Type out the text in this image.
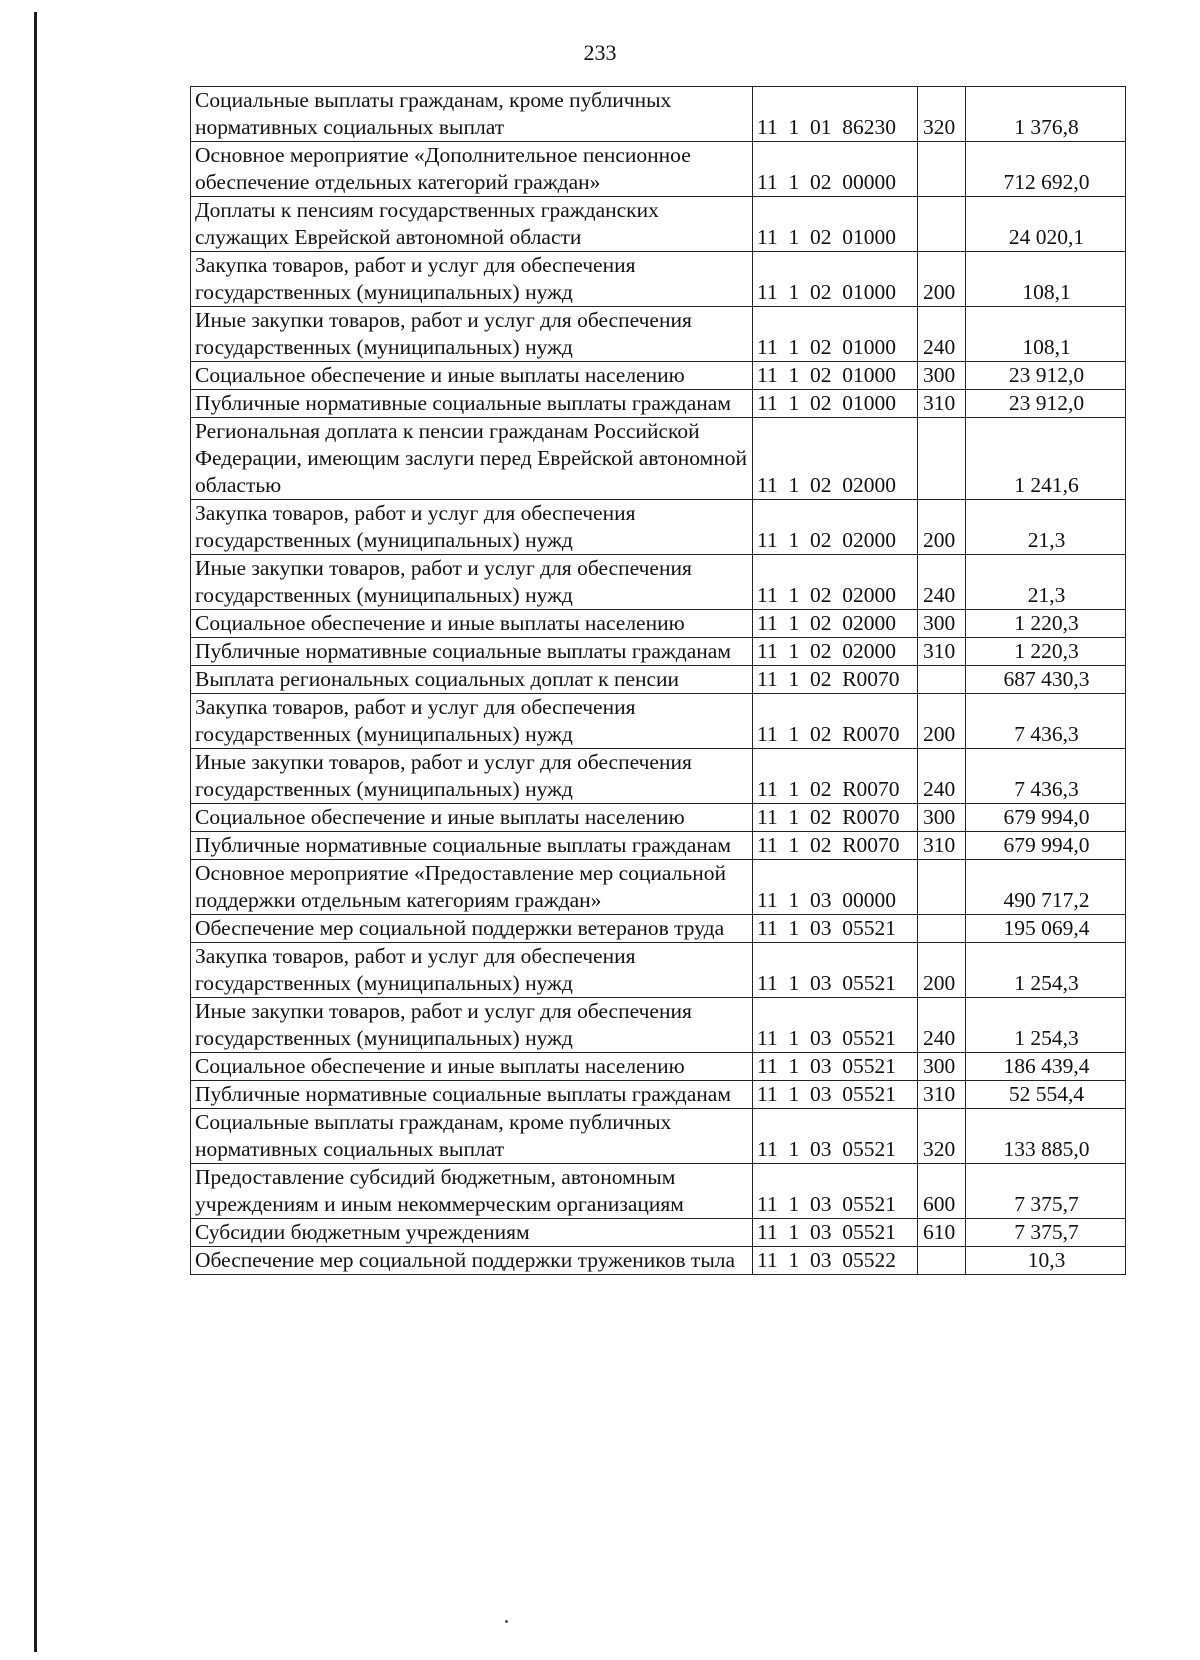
233
Социальные выплаты гражданам, кроме публичных нормативных социальных выплат	11  1  01  86230	320	1 376,8
Основное мероприятие «Дополнительное пенсионное обеспечение отдельных категорий граждан»	11  1  02  00000		712 692,0
Доплаты к пенсиям государственных гражданских служащих Еврейской автономной области	11  1  02  01000		24 020,1
Закупка товаров, работ и услуг для обеспечения государственных (муниципальных) нужд	11  1  02  01000	200	108,1
Иные закупки товаров, работ и услуг для обеспечения государственных (муниципальных) нужд	11  1  02  01000	240	108,1
Социальное обеспечение и иные выплаты населению	11  1  02  01000	300	23 912,0
Публичные нормативные социальные выплаты гражданам	11  1  02  01000	310	23 912,0
Региональная доплата к пенсии гражданам Российской Федерации, имеющим заслуги перед Еврейской автономной областью	11  1  02  02000		1 241,6
Закупка товаров, работ и услуг для обеспечения государственных (муниципальных) нужд	11  1  02  02000	200	21,3
Иные закупки товаров, работ и услуг для обеспечения государственных (муниципальных) нужд	11  1  02  02000	240	21,3
Социальное обеспечение и иные выплаты населению	11  1  02  02000	300	1 220,3
Публичные нормативные социальные выплаты гражданам	11  1  02  02000	310	1 220,3
Выплата региональных социальных доплат к пенсии	11  1  02  R0070		687 430,3
Закупка товаров, работ и услуг для обеспечения государственных (муниципальных) нужд	11  1  02  R0070	200	7 436,3
Иные закупки товаров, работ и услуг для обеспечения государственных (муниципальных) нужд	11  1  02  R0070	240	7 436,3
Социальное обеспечение и иные выплаты населению	11  1  02  R0070	300	679 994,0
Публичные нормативные социальные выплаты гражданам	11  1  02  R0070	310	679 994,0
Основное мероприятие «Предоставление мер социальной поддержки отдельным категориям граждан»	11  1  03  00000		490 717,2
Обеспечение мер социальной поддержки ветеранов труда	11  1  03  05521		195 069,4
Закупка товаров, работ и услуг для обеспечения государственных (муниципальных) нужд	11  1  03  05521	200	1 254,3
Иные закупки товаров, работ и услуг для обеспечения государственных (муниципальных) нужд	11  1  03  05521	240	1 254,3
Социальное обеспечение и иные выплаты населению	11  1  03  05521	300	186 439,4
Публичные нормативные социальные выплаты гражданам	11  1  03  05521	310	52 554,4
Социальные выплаты гражданам, кроме публичных нормативных социальных выплат	11  1  03  05521	320	133 885,0
Предоставление субсидий бюджетным, автономным учреждениям и иным некоммерческим организациям	11  1  03  05521	600	7 375,7
Субсидии бюджетным учреждениям	11  1  03  05521	610	7 375,7
Обеспечение мер социальной поддержки тружеников тыла	11  1  03  05522		10,3
